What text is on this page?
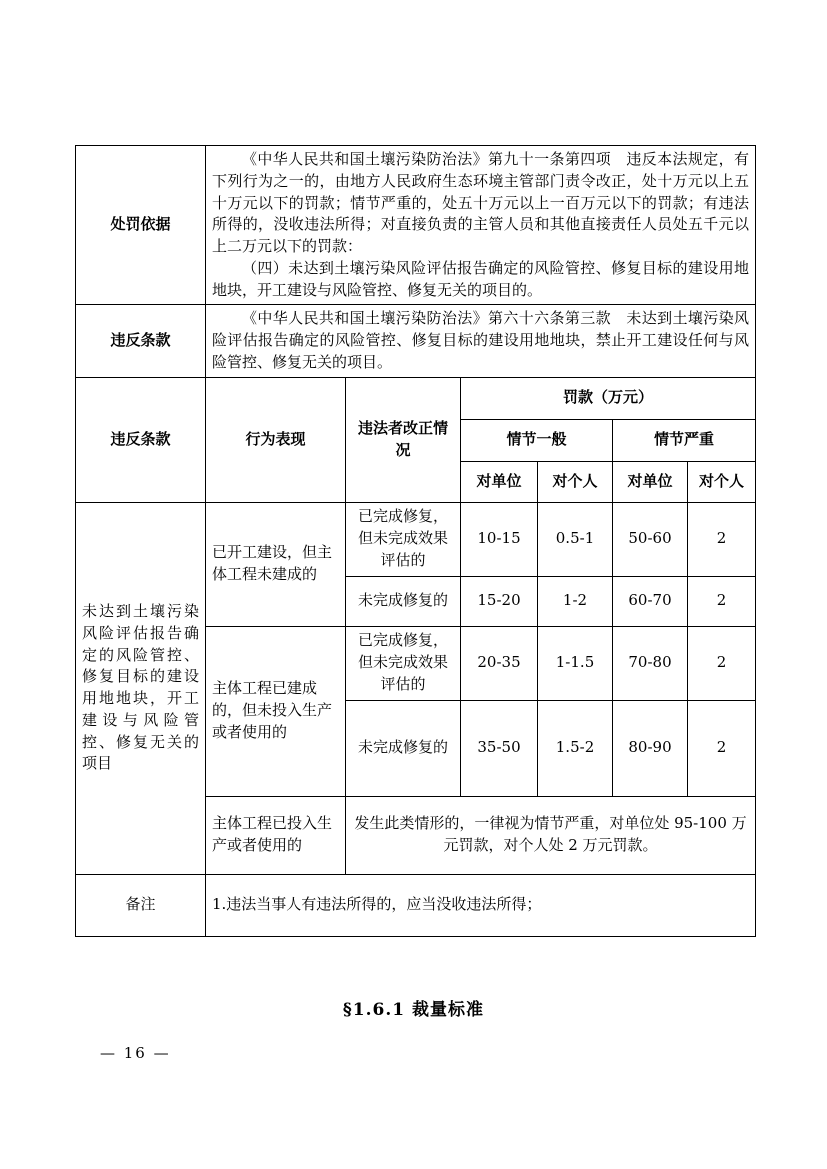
处罚依据	《中华人民共和国土壤污染防治法》第九十一条第四项　违反本法规定，有下列行为之一的，由地方人民政府生态环境主管部门责令改正，处十万元以上五十万元以下的罚款；情节严重的，处五十万元以上一百万元以下的罚款；有违法所得的，没收违法所得；对直接负责的主管人员和其他直接责任人员处五千元以上二万元以下的罚款：

（四）未达到土壤污染风险评估报告确定的风险管控、修复目标的建设用地地块，开工建设与风险管控、修复无关的项目的。					

违反条款	《中华人民共和国土壤污染防治法》第六十六条第三款　未达到土壤污染风险评估报告确定的风险管控、修复目标的建设用地地块，禁止开工建设任何与风险管控、修复无关的项目。					

违反条款	行为表现	违法者改正情况	罚款（万元）			
			情节一般		情节严重	
			对单位	对个人	对单位	对个人
未达到土壤污染风险评估报告确定的风险管控、修复目标的建设用地地块，开工建设与风险管控、修复无关的项目	已开工建设，但主体工程未建成的	已完成修复，但未完成效果评估的	10-15	0.5-1	50-60	2
		未完成修复的	15-20	1-2	60-70	2
	主体工程已建成的，但未投入生产或者使用的	已完成修复，但未完成效果评估的	20-35	1-1.5	70-80	2
		未完成修复的	35-50	1.5-2	80-90	2
	主体工程已投入生产或者使用的	发生此类情形的，一律视为情节严重，对单位处 95-100 万元罚款，对个人处 2 万元罚款。				
备注	1.违法当事人有违法所得的，应当没收违法所得；					
§1.6.1 裁量标准
— 16 —
